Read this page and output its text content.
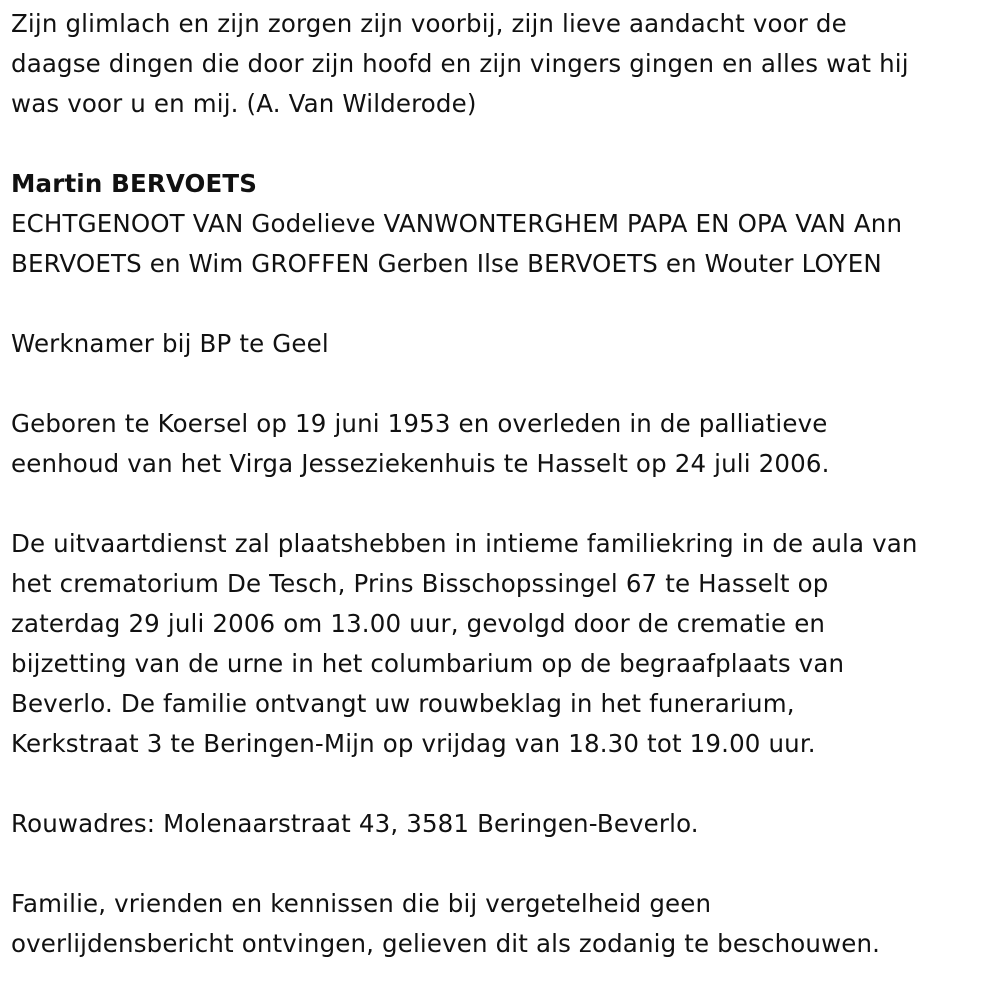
Zijn glimlach en zijn zorgen zijn voorbij, zijn lieve aandacht voor de
daagse dingen die door zijn hoofd en zijn vingers gingen en alles wat hij
was voor u en mij. (A. Van Wilderode)
Martin BERVOETS
ECHTGENOOT VAN Godelieve VANWONTERGHEM PAPA EN OPA VAN Ann
BERVOETS en Wim GROFFEN Gerben Ilse BERVOETS en Wouter LOYEN
Werknamer bij BP te Geel
Geboren te Koersel op 19 juni 1953 en overleden in de palliatieve
eenhoud van het Virga Jesseziekenhuis te Hasselt op 24 juli 2006.
De uitvaartdienst zal plaatshebben in intieme familiekring in de aula van
het crematorium De Tesch, Prins Bisschopssingel 67 te Hasselt op
zaterdag 29 juli 2006 om 13.00 uur, gevolgd door de crematie en
bijzetting van de urne in het columbarium op de begraafplaats van
Beverlo. De familie ontvangt uw rouwbeklag in het funerarium,
Kerkstraat 3 te Beringen-Mijn op vrijdag van 18.30 tot 19.00 uur.
Rouwadres: Molenaarstraat 43, 3581 Beringen-Beverlo.
Familie, vrienden en kennissen die bij vergetelheid geen
overlijdensbericht ontvingen, gelieven dit als zodanig te beschouwen.
